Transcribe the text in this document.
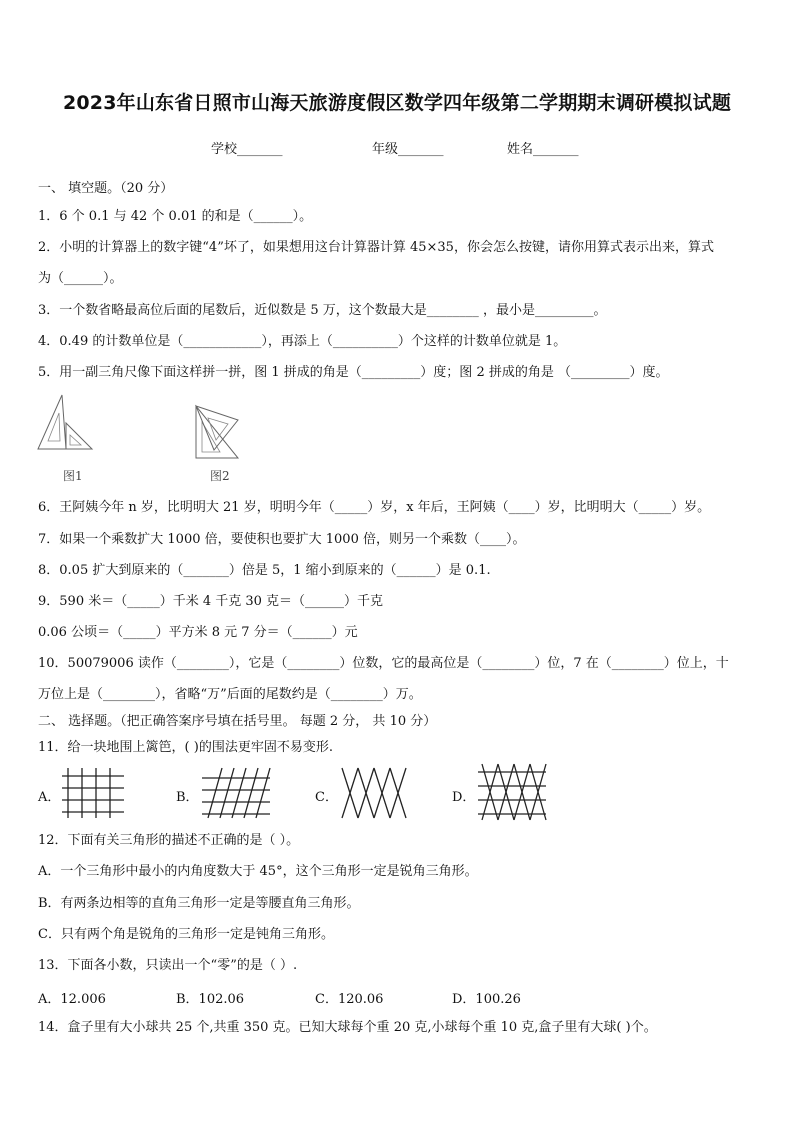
2023年山东省日照市山海天旅游度假区数学四年级第二学期期末调研模拟试题
学校_______	年级_______	姓名_______
一、 填空题。（20 分）
1．6 个 0.1 与 42 个 0.01 的和是（______）。
2．小明的计算器上的数字键“4”坏了，如果想用这台计算器计算 45×35，你会怎么按键，请你用算式表示出来，算式
为（______）。
3．一个数省略最高位后面的尾数后，近似数是 5 万，这个数最大是________ ，最小是_________。
4．0.49 的计数单位是（____________），再添上（__________）个这样的计数单位就是 1。
5．用一副三角尺像下面这样拼一拼，图 1 拼成的角是（_________）度；图 2 拼成的角是 （_________）度。
图1	图2
6．王阿姨今年 n 岁，比明明大 21 岁，明明今年（_____）岁，x 年后，王阿姨（____）岁，比明明大（_____）岁。
7．如果一个乘数扩大 1000 倍，要使积也要扩大 1000 倍，则另一个乘数（____）。
8．0.05 扩大到原来的（_______）倍是 5，1 缩小到原来的（______）是 0.1.
9．590 米＝（_____）千米 4 千克 30 克＝（______）千克
0.06 公顷＝（_____）平方米 8 元 7 分＝（______）元
10．50079006 读作（________），它是（________）位数，它的最高位是（________）位，7 在（________）位上，十
万位上是（________），省略“万”后面的尾数约是（________）万。
二、 选择题。（把正确答案序号填在括号里。 每题 2 分， 共 10 分）
11．给一块地围上篱笆，( )的围法更牢固不易变形.
A．	B．	C．	D．
12．下面有关三角形的描述不正确的是（ ）。
A．一个三角形中最小的内角度数大于 45°，这个三角形一定是锐角三角形。
B．有两条边相等的直角三角形一定是等腰直角三角形。
C．只有两个角是锐角的三角形一定是钝角三角形。
13．下面各小数，只读出一个“零”的是（ ）.
A．12.006	B．102.06	C．120.06	D．100.26
14．盒子里有大小球共 25 个,共重 350 克。已知大球每个重 20 克,小球每个重 10 克,盒子里有大球( )个。
